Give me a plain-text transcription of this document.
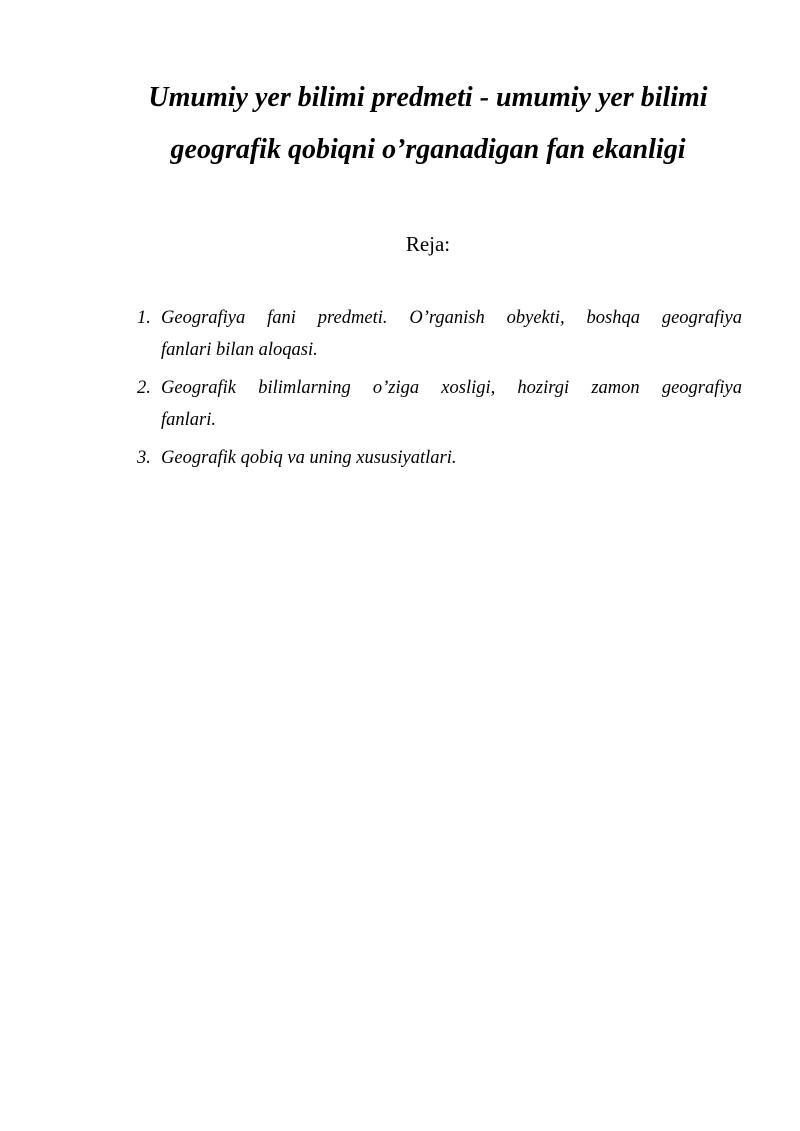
Umumiy yer bilimi predmeti - umumiy yer bilimi
geografik qobiqni o’rganadigan fan ekanligi
Reja:
1. Geografiya fani predmeti. O’rganish obyekti, boshqa geografiya
fanlari bilan aloqasi.
2. Geografik bilimlarning o’ziga xosligi, hozirgi zamon geografiya
fanlari.
3. Geografik qobiq va uning xususiyatlari.
